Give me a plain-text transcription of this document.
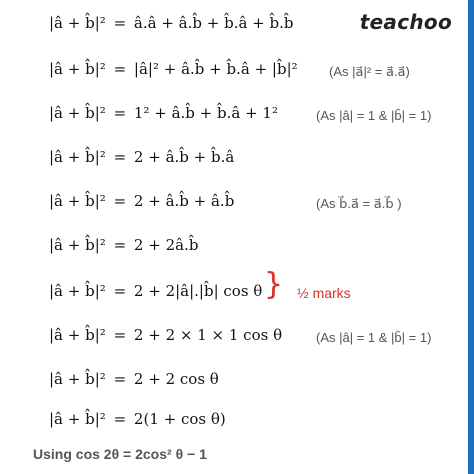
teachoo
|â + b̂|² = â.â + â.b̂ + b̂.â + b̂.b̂
|â + b̂|² = |â|² + â.b̂ + b̂.â + |b̂|² (As |a⃗|² = a⃗.a⃗)
|â + b̂|² = 1² + â.b̂ + b̂.â + 1²	(As |â| = 1 & |b̂| = 1)
|â + b̂|² = 2 + â.b̂ + b̂.â
|â + b̂|² = 2 + â.b̂ + â.b̂	(As b⃗.a⃗ = a⃗.b⃗ )
|â + b̂|² = 2 + 2â.b̂
|â + b̂|² = 2 + 2|â|.|b̂| cos θ } ½ marks
|â + b̂|² = 2 + 2 × 1 × 1 cos θ	(As |â| = 1 & |b̂| = 1)
|â + b̂|² = 2 + 2 cos θ
|â + b̂|² = 2(1 + cos θ)
Using cos 2θ = 2cos² θ − 1
